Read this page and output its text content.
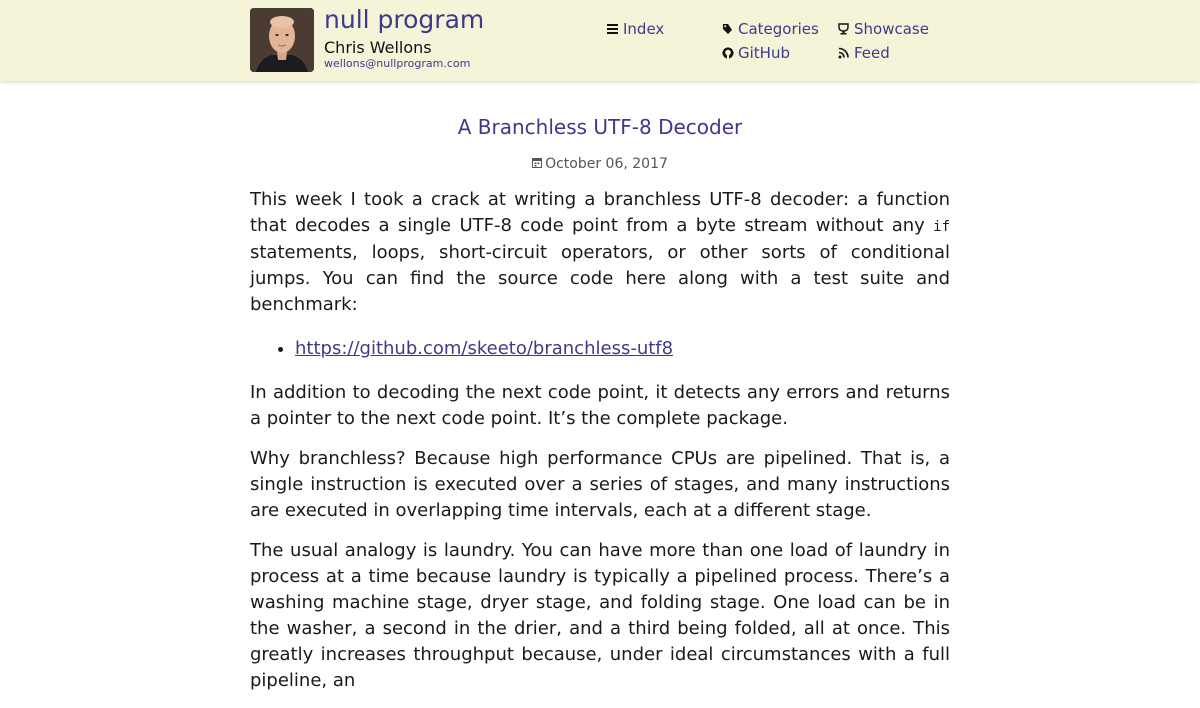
null program
Chris Wellons
wellons@nullprogram.com
Index	Categories Showcase
GitHub	Feed
A Branchless UTF-8 Decoder
October 06, 2017

This week I took a crack at writing a branchless UTF-8 decoder: a function that decodes a single UTF-8 code point from a byte stream without any if statements, loops, short-circuit operators, or other sorts of conditional jumps. You can find the source code here along with a test suite and benchmark:

• https://github.com/skeeto/branchless-utf8

In addition to decoding the next code point, it detects any errors and returns a pointer to the next code point. It’s the complete package.

Why branchless? Because high performance CPUs are pipelined. That is, a single instruction is executed over a series of stages, and many instructions are executed in overlapping time intervals, each at a different stage.

The usual analogy is laundry. You can have more than one load of laundry in process at a time because laundry is typically a pipelined process. There’s a washing machine stage, dryer stage, and folding stage. One load can be in the washer, a second in the drier, and a third being folded, all at once. This greatly increases throughput because, under ideal circumstances with a full pipeline, an
